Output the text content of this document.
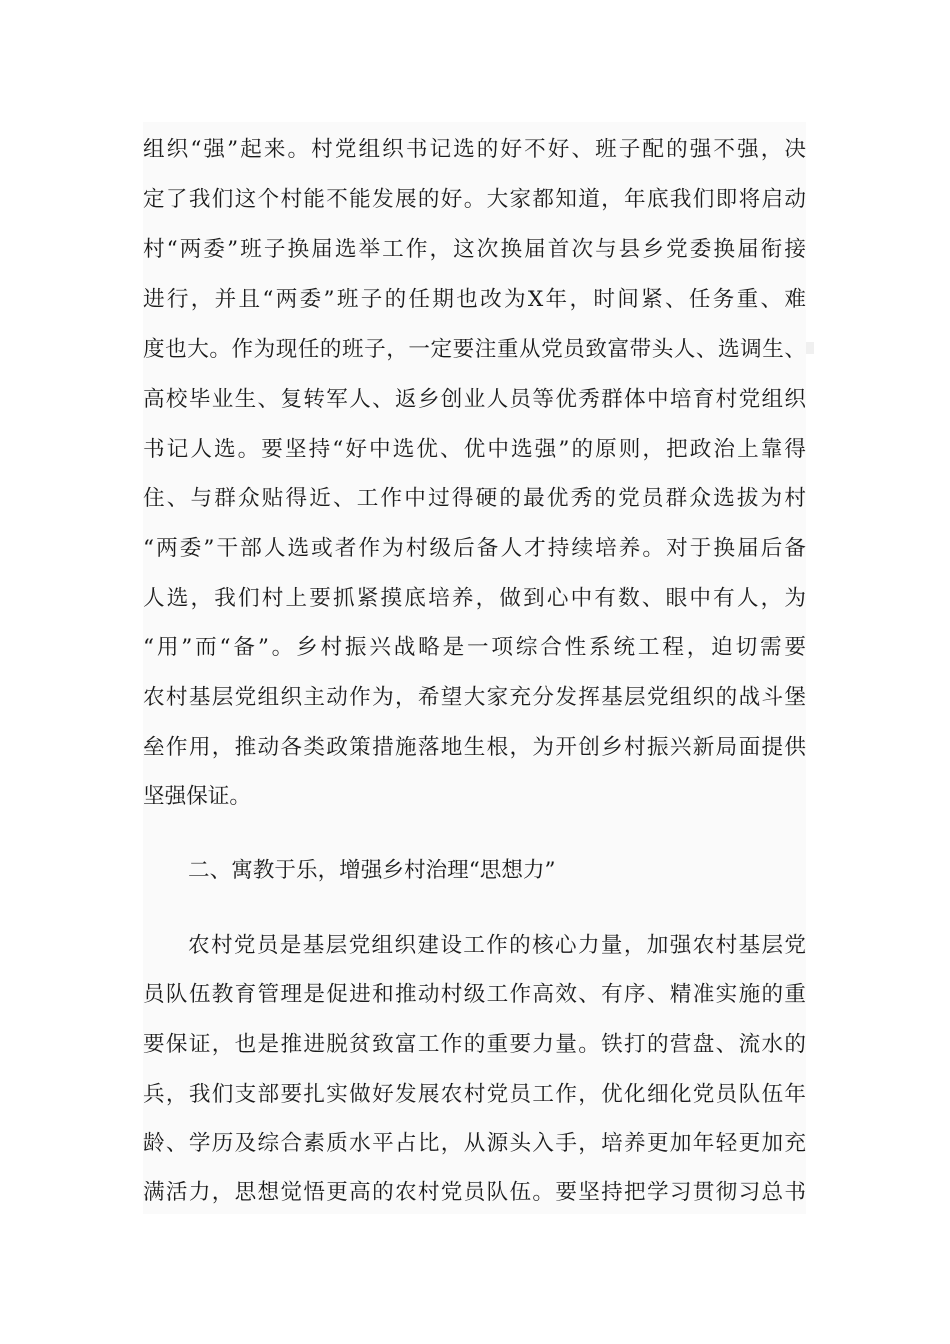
组织“强”起来。村党组织书记选的好不好、班子配的强不强，决
定了我们这个村能不能发展的好。大家都知道，年底我们即将启动
村“两委”班子换届选举工作，这次换届首次与县乡党委换届衔接
进行，并且“两委”班子的任期也改为X年，时间紧、任务重、难
度也大。作为现任的班子，一定要注重从党员致富带头人、选调生、
高校毕业生、复转军人、返乡创业人员等优秀群体中培育村党组织
书记人选。要坚持“好中选优、优中选强”的原则，把政治上靠得
住、与群众贴得近、工作中过得硬的最优秀的党员群众选拔为村
“两委”干部人选或者作为村级后备人才持续培养。对于换届后备
人选，我们村上要抓紧摸底培养，做到心中有数、眼中有人，为
“用”而“备”。乡村振兴战略是一项综合性系统工程，迫切需要
农村基层党组织主动作为，希望大家充分发挥基层党组织的战斗堡
垒作用，推动各类政策措施落地生根，为开创乡村振兴新局面提供
坚强保证。
二、寓教于乐，增强乡村治理“思想力”
农村党员是基层党组织建设工作的核心力量，加强农村基层党
员队伍教育管理是促进和推动村级工作高效、有序、精准实施的重
要保证，也是推进脱贫致富工作的重要力量。铁打的营盘、流水的
兵，我们支部要扎实做好发展农村党员工作，优化细化党员队伍年
龄、学历及综合素质水平占比，从源头入手，培养更加年轻更加充
满活力，思想觉悟更高的农村党员队伍。要坚持把学习贯彻习总书
